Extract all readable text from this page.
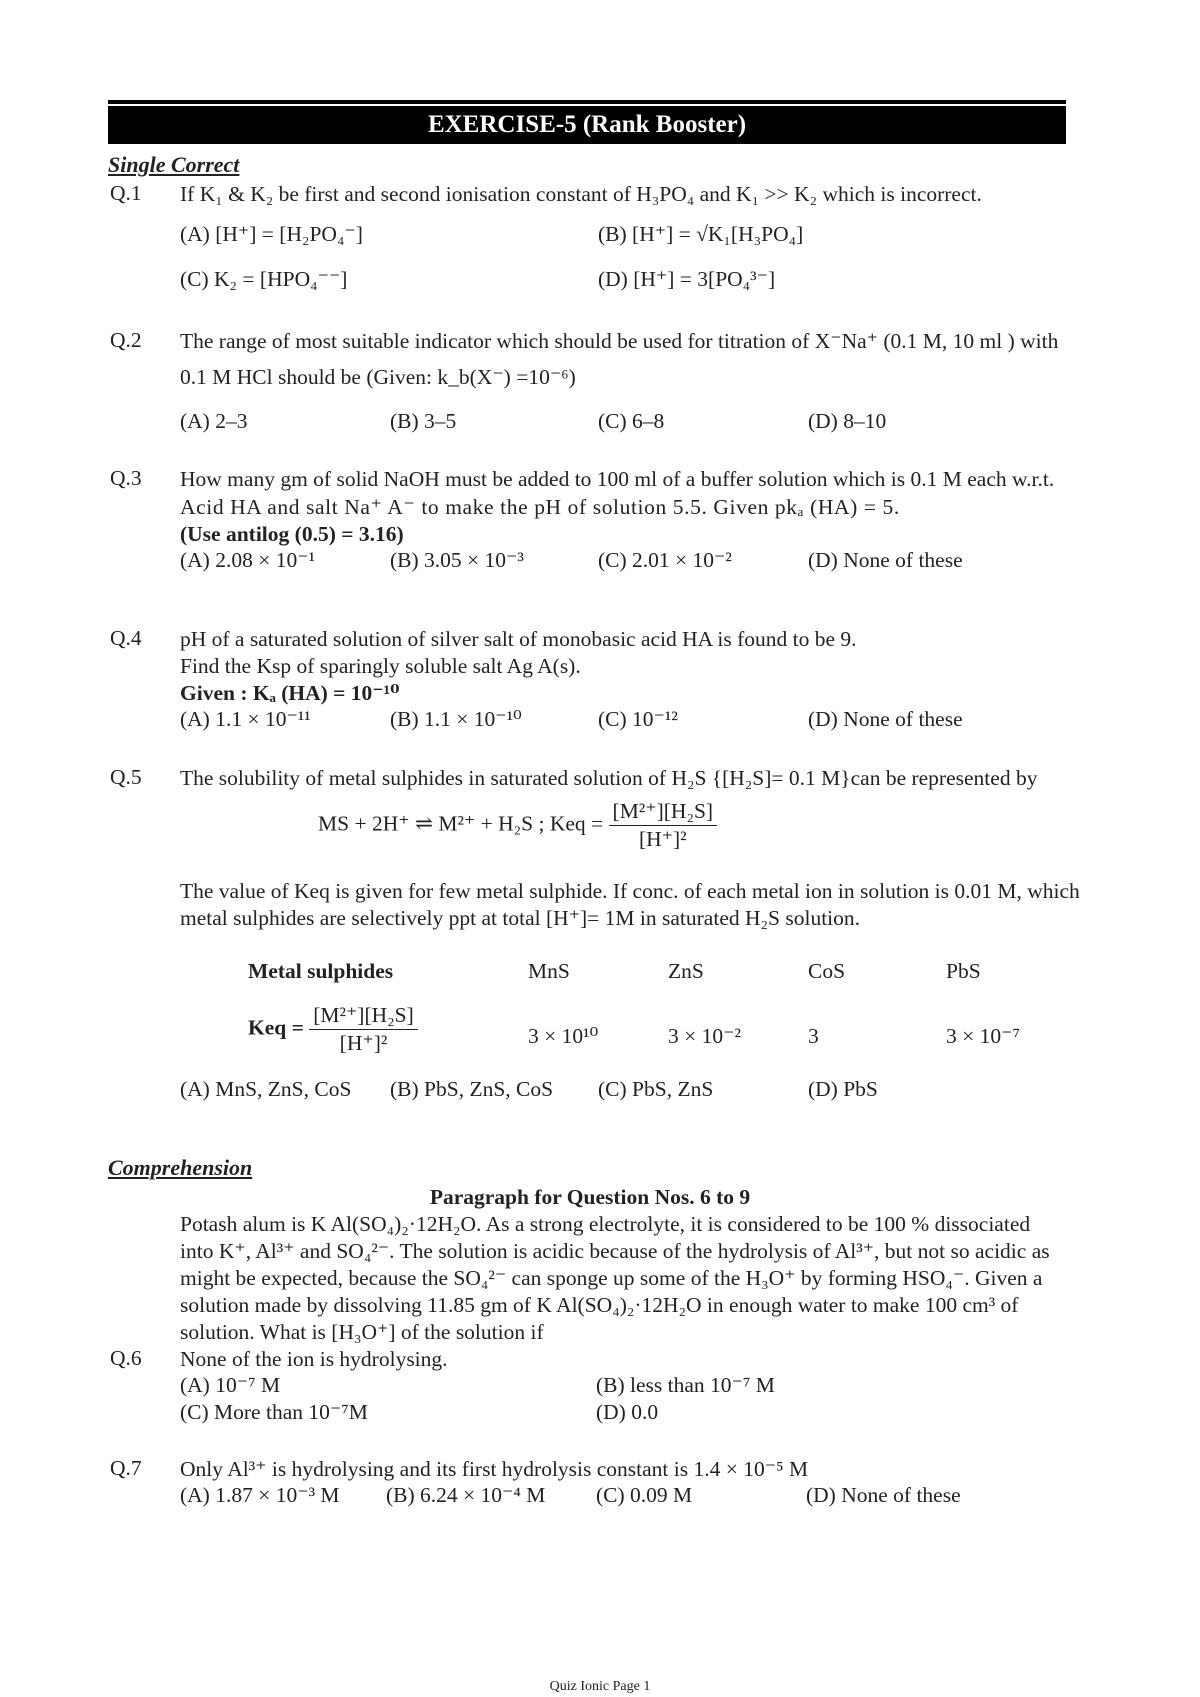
EXERCISE-5 (Rank Booster)
Single Correct
Q.1 If K₁ & K₂ be first and second ionisation constant of H₃PO₄ and K₁ >> K₂ which is incorrect.
(A) [H⁺] = [H₂PO₄⁻]	(B) [H⁺] = √K₁[H₃PO₄]
(C) K₂ = [HPO₄⁻⁻]	(D) [H⁺] = 3[PO₄³⁻]
Q.2 The range of most suitable indicator which should be used for titration of X⁻Na⁺ (0.1 M, 10 ml ) with
0.1 M HCl should be (Given: k_b(X⁻) =10⁻⁶)
(A) 2–3	(B) 3–5	(C) 6–8	(D) 8–10
Q.3 How many gm of solid NaOH must be added to 100 ml of a buffer solution which is 0.1 M each w.r.t.
Acid HA and salt Na⁺ A⁻ to make the pH of solution 5.5. Given pkₐ (HA) = 5.
(Use antilog (0.5) = 3.16)
(A) 2.08 × 10⁻¹	(B) 3.05 × 10⁻³	(C) 2.01 × 10⁻²	(D) None of these
Q.4 pH of a saturated solution of silver salt of monobasic acid HA is found to be 9.
Find the Ksp of sparingly soluble salt Ag A(s).
Given : Kₐ (HA) = 10⁻¹⁰
(A) 1.1 × 10⁻¹¹	(B) 1.1 × 10⁻¹⁰	(C) 10⁻¹²	(D) None of these
Q.5 The solubility of metal sulphides in saturated solution of H₂S {[H₂S]= 0.1 M}can be represented by
MS + 2H⁺ ⇌ M²⁺ + H₂S ; Keq = $\frac{\text{[M²⁺][H₂S]}}{\text{[H⁺]²}}$
The value of Keq is given for few metal sulphide. If conc. of each metal ion in solution is 0.01 M, which
metal sulphides are selectively ppt at total [H⁺]= 1M in saturated H₂S solution.
Metal sulphides	MnS	ZnS	CoS	PbS
Keq = $\frac{\text{[M²⁺][H₂S]}}{\text{[H⁺]²}}$	3 × 10¹⁰	3 × 10⁻²	3	3 × 10⁻⁷
(A) MnS, ZnS, CoS (B) PbS, ZnS, CoS (C) PbS, ZnS	(D) PbS
Comprehension
Paragraph for Question Nos. 6 to 9
Potash alum is K Al(SO₄)₂·12H₂O. As a strong electrolyte, it is considered to be 100 % dissociated
into K⁺, Al³⁺ and SO₄²⁻. The solution is acidic because of the hydrolysis of Al³⁺, but not so acidic as
might be expected, because the SO₄²⁻ can sponge up some of the H₃O⁺ by forming HSO₄⁻. Given a
solution made by dissolving 11.85 gm of K Al(SO₄)₂·12H₂O in enough water to make 100 cm³ of
solution. What is [H₃O⁺] of the solution if
Q.6 None of the ion is hydrolysing.
(A) 10⁻⁷ M	(B) less than 10⁻⁷ M
(C) More than 10⁻⁷M	(D) 0.0
Q.7 Only Al³⁺ is hydrolysing and its first hydrolysis constant is 1.4 × 10⁻⁵ M
(A) 1.87 × 10⁻³ M (B) 6.24 × 10⁻⁴ M (C) 0.09 M	(D) None of these
Quiz Ionic Page 1
